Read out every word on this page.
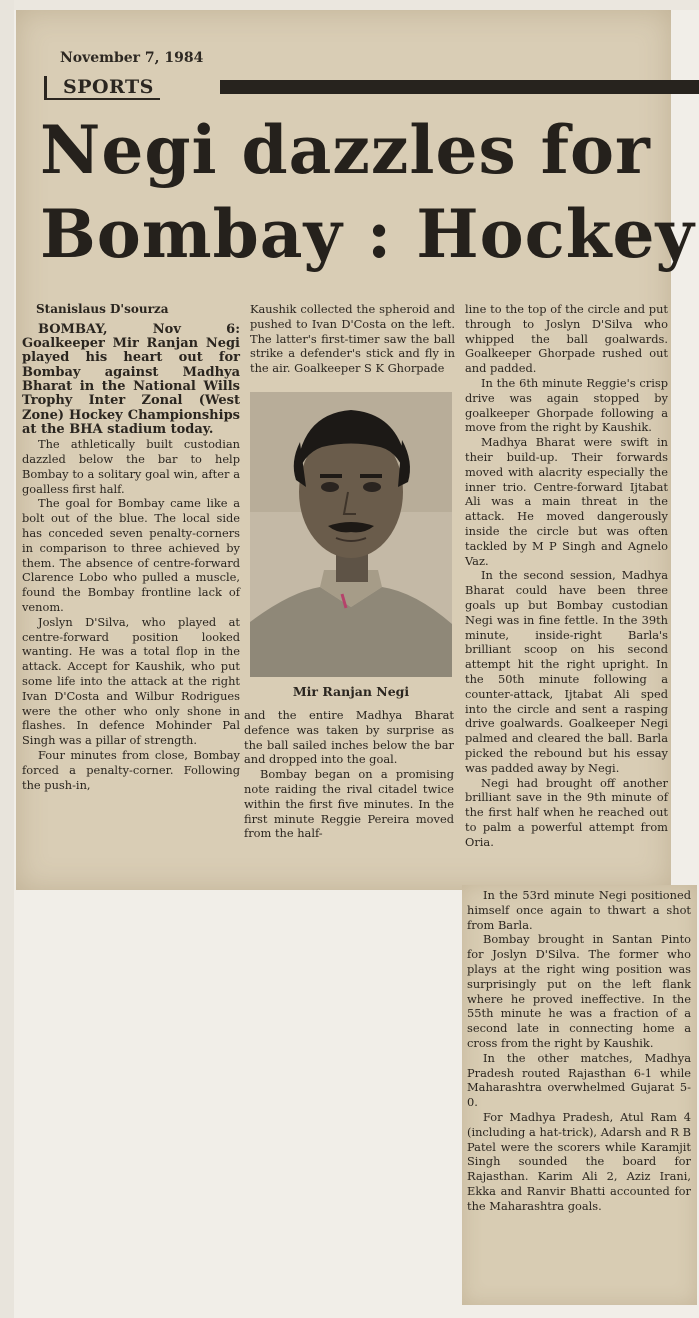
November 7, 1984
SPORTS
Negi dazzles for
Bombay : Hockey
Stanislaus D'sourza

BOMBAY, Nov 6: Goalkeeper Mir Ranjan Negi played his heart out for Bombay against Madhya Bharat in the National Wills Trophy Inter Zonal (West Zone) Hockey Championships at the BHA stadium today.

The athletically built custodian dazzled below the bar to help Bombay to a solitary goal win, after a goalless first half.

The goal for Bombay came like a bolt out of the blue. The local side has conceded seven penalty-corners in comparison to three achieved by them. The absence of centre-forward Clarence Lobo who pulled a muscle, found the Bombay frontline lack of venom.

Joslyn D'Silva, who played at centre-forward position looked wanting. He was a total flop in the attack. Accept for Kaushik, who put some life into the attack at the right Ivan D'Costa and Wilbur Rodrigues were the other who only shone in flashes. In defence Mohinder Pal Singh was a pillar of strength.

Four minutes from close, Bombay forced a penalty-corner. Following the push-in,

Kaushik collected the spheroid and pushed to Ivan D'Costa on the left. The latter's first-timer saw the ball strike a defender's stick and fly in the air. Goalkeeper S K Ghorpade

Mir Ranjan Negi

and the entire Madhya Bharat defence was taken by surprise as the ball sailed inches below the bar and dropped into the goal.

Bombay began on a promising note raiding the rival citadel twice within the first five minutes. In the first minute Reggie Pereira moved from the half-

line to the top of the circle and put through to Joslyn D'Silva who whipped the ball goalwards. Goalkeeper Ghorpade rushed out and padded.

In the 6th minute Reggie's crisp drive was again stopped by goalkeeper Ghorpade following a move from the right by Kaushik.

Madhya Bharat were swift in their build-up. Their forwards moved with alacrity especially the inner trio. Centre-forward Ijtabat Ali was a main threat in the attack. He moved dangerously inside the circle but was often tackled by M P Singh and Agnelo Vaz.

In the second session, Madhya Bharat could have been three goals up but Bombay custodian Negi was in fine fettle. In the 39th minute, inside-right Barla's brilliant scoop on his second attempt hit the right upright. In the 50th minute following a counter-attack, Ijtabat Ali sped into the circle and sent a rasping drive goalwards. Goalkeeper Negi palmed and cleared the ball. Barla picked the rebound but his essay was padded away by Negi.

Negi had brought off another brilliant save in the 9th minute of the first half when he reached out to palm a powerful attempt from Oria.

In the 53rd minute Negi positioned himself once again to thwart a shot from Barla.

Bombay brought in Santan Pinto for Joslyn D'Silva. The former who plays at the right wing position was surprisingly put on the left flank where he proved ineffective. In the 55th minute he was a fraction of a second late in connecting home a cross from the right by Kaushik.

In the other matches, Madhya Pradesh routed Rajasthan 6-1 while Maharashtra overwhelmed Gujarat 5-0.

For Madhya Pradesh, Atul Ram 4 (including a hat-trick), Adarsh and R B Patel were the scorers while Karamjit Singh sounded the board for Rajasthan. Karim Ali 2, Aziz Irani, Ekka and Ranvir Bhatti accounted for the Maharashtra goals.
